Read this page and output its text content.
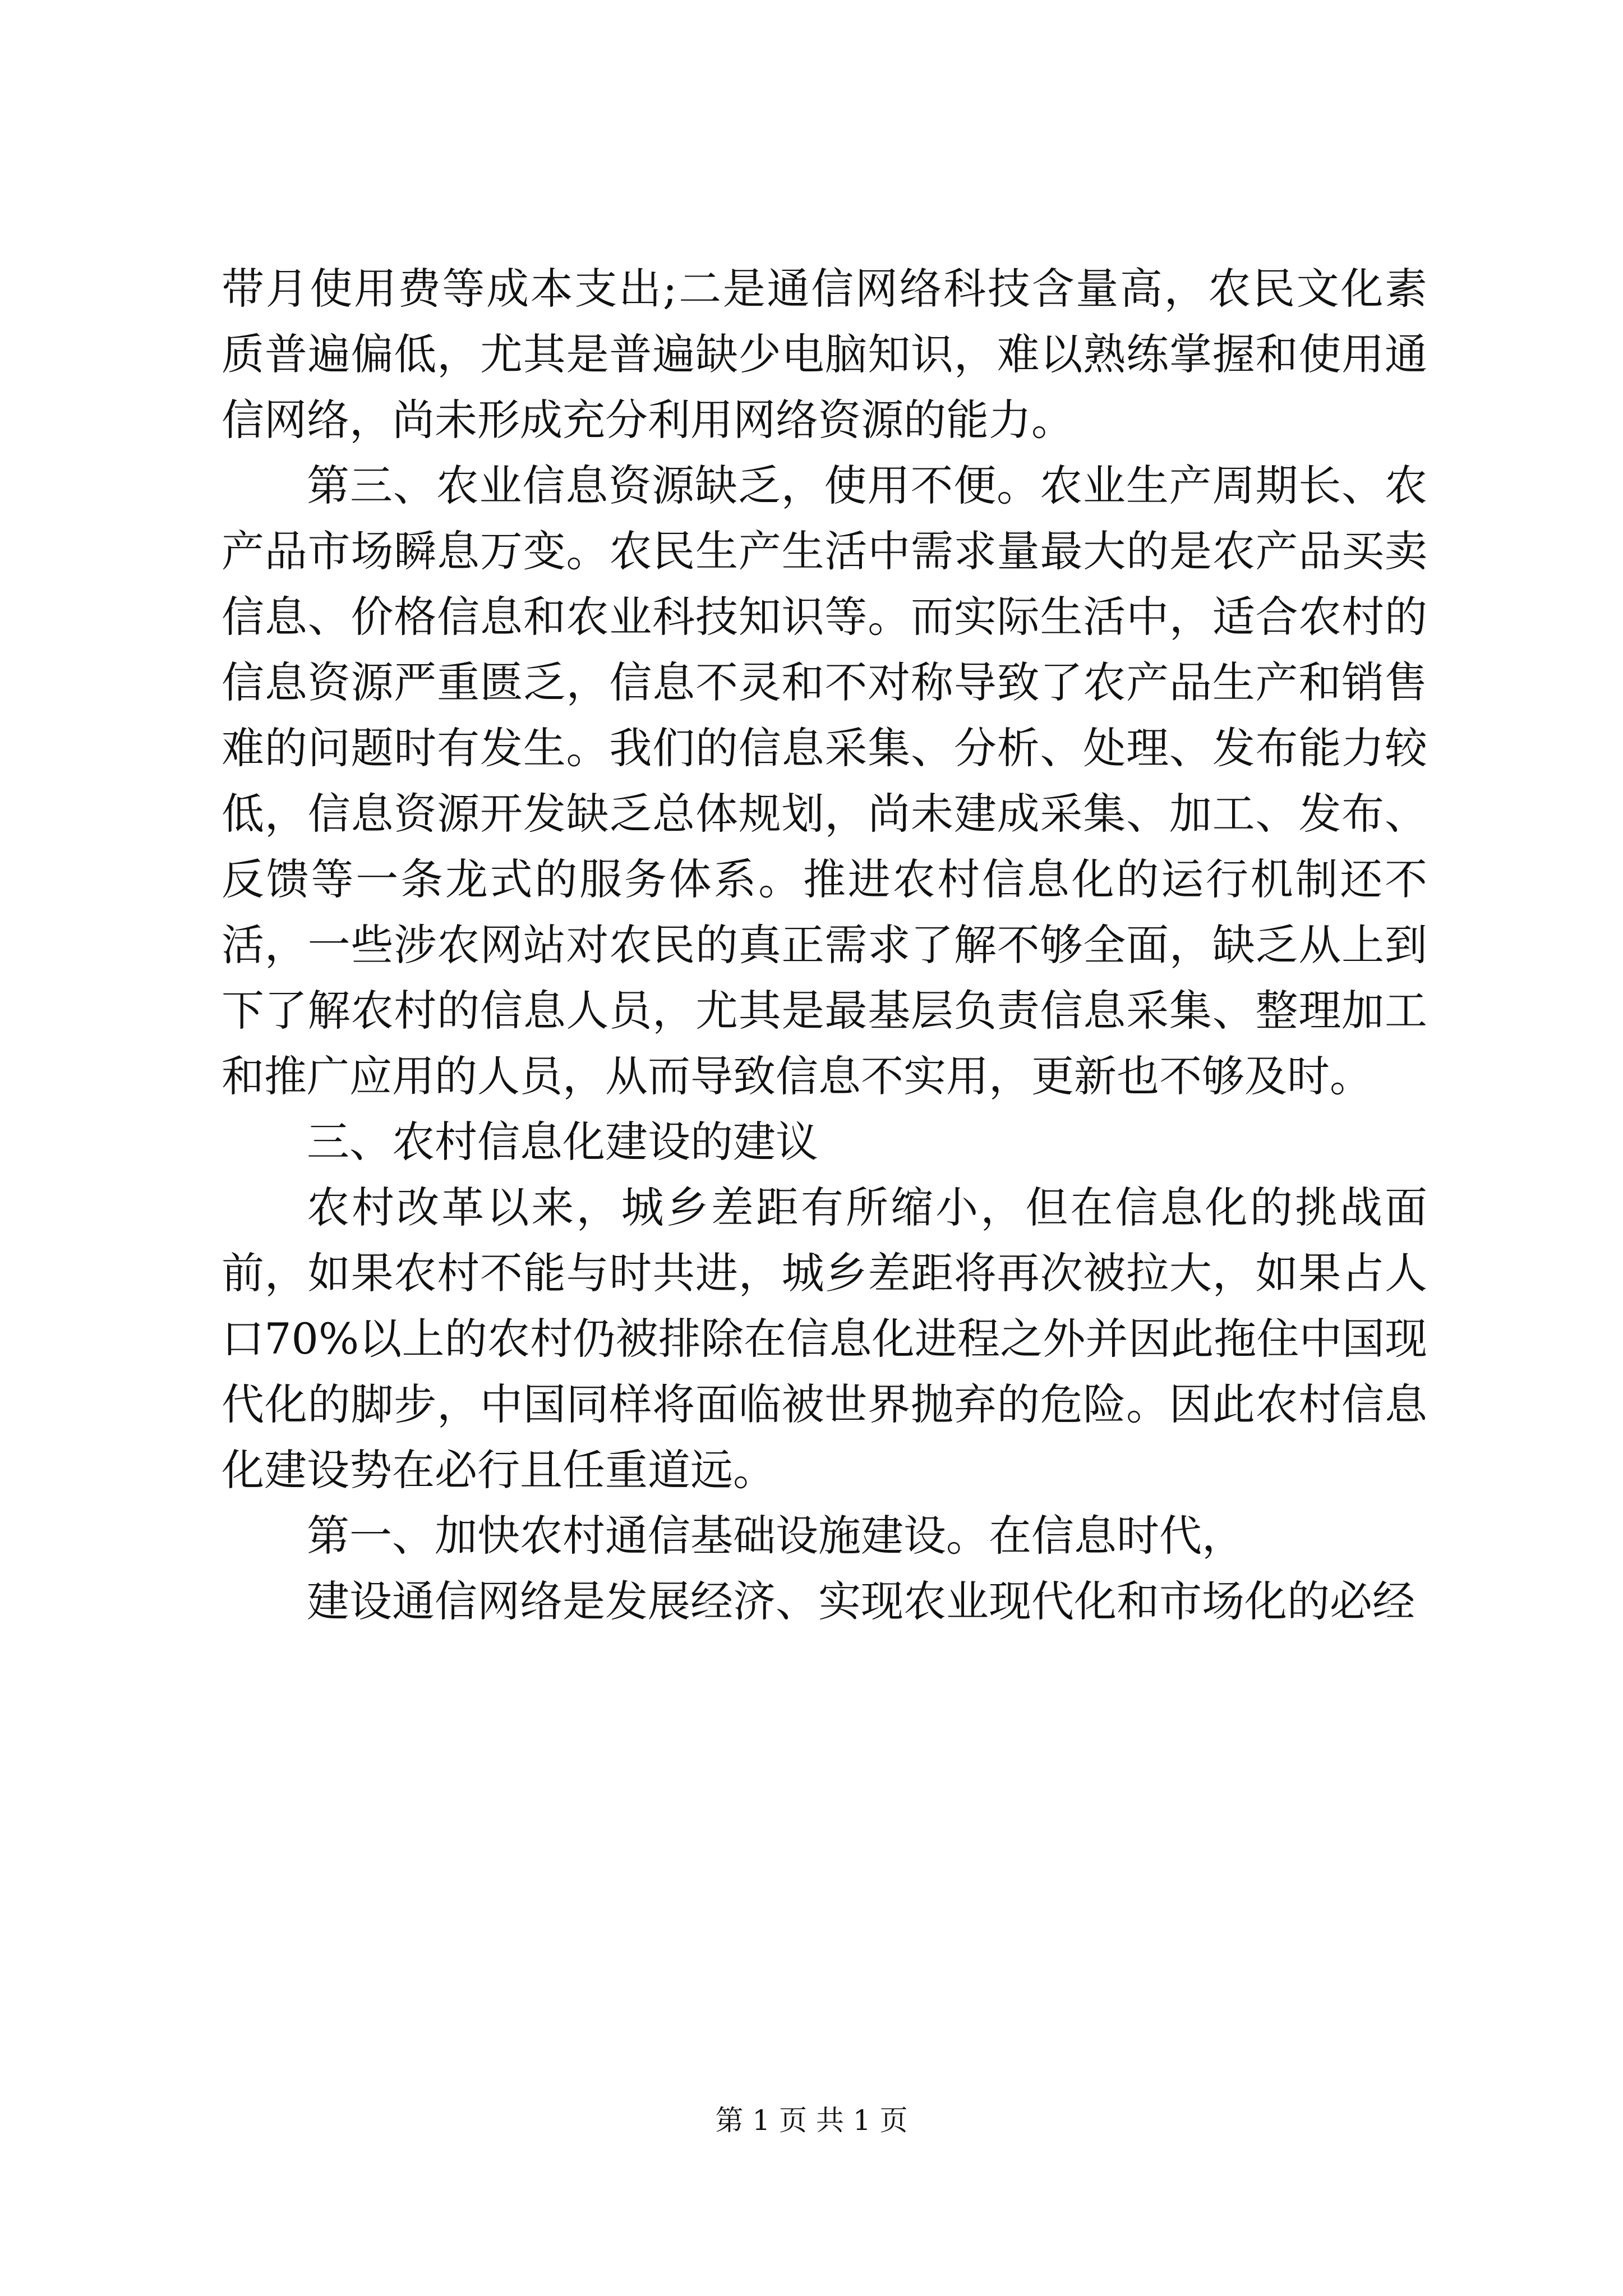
带月使用费等成本支出;二是通信网络科技含量高，农民文化素质普遍偏低，尤其是普遍缺少电脑知识，难以熟练掌握和使用通信网络，尚未形成充分利用网络资源的能力。

第三、农业信息资源缺乏，使用不便。农业生产周期长、农产品市场瞬息万变。农民生产生活中需求量最大的是农产品买卖信息、价格信息和农业科技知识等。而实际生活中，适合农村的信息资源严重匮乏，信息不灵和不对称导致了农产品生产和销售难的问题时有发生。我们的信息采集、分析、处理、发布能力较低，信息资源开发缺乏总体规划，尚未建成采集、加工、发布、反馈等一条龙式的服务体系。推进农村信息化的运行机制还不活，一些涉农网站对农民的真正需求了解不够全面，缺乏从上到下了解农村的信息人员，尤其是最基层负责信息采集、整理加工和推广应用的人员，从而导致信息不实用，更新也不够及时。

三、农村信息化建设的建议

农村改革以来，城乡差距有所缩小，但在信息化的挑战面前，如果农村不能与时共进，城乡差距将再次被拉大，如果占人口70%以上的农村仍被排除在信息化进程之外并因此拖住中国现代化的脚步，中国同样将面临被世界抛弃的危险。因此农村信息化建设势在必行且任重道远。

第一、加快农村通信基础设施建设。在信息时代，

建设通信网络是发展经济、实现农业现代化和市场化的必经

第 1 页 共 1 页
